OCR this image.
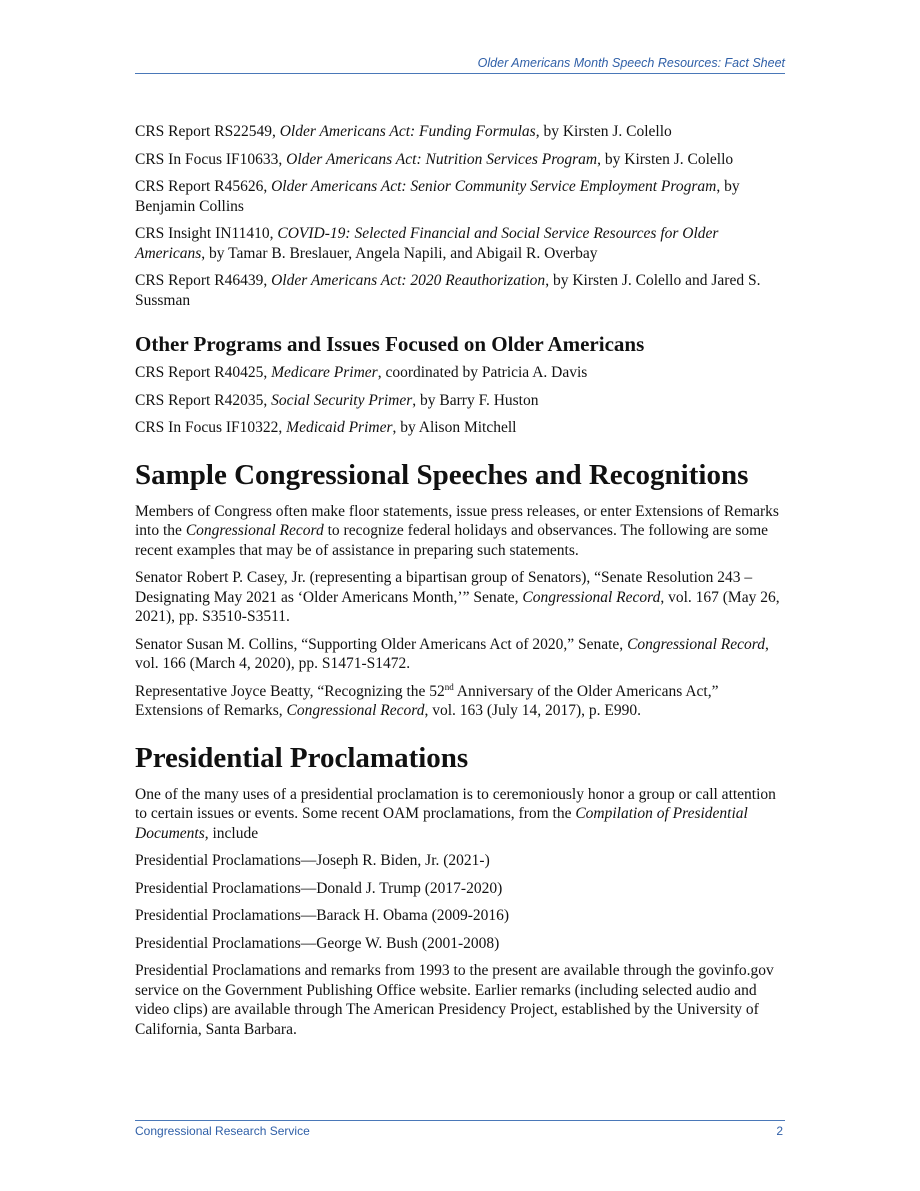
Older Americans Month Speech Resources: Fact Sheet

CRS Report RS22549, Older Americans Act: Funding Formulas, by Kirsten J. Colello

CRS In Focus IF10633, Older Americans Act: Nutrition Services Program, by Kirsten J. Colello

CRS Report R45626, Older Americans Act: Senior Community Service Employment Program, by Benjamin Collins

CRS Insight IN11410, COVID-19: Selected Financial and Social Service Resources for Older Americans, by Tamar B. Breslauer, Angela Napili, and Abigail R. Overbay

CRS Report R46439, Older Americans Act: 2020 Reauthorization, by Kirsten J. Colello and Jared S. Sussman

Other Programs and Issues Focused on Older Americans

CRS Report R40425, Medicare Primer, coordinated by Patricia A. Davis

CRS Report R42035, Social Security Primer, by Barry F. Huston

CRS In Focus IF10322, Medicaid Primer, by Alison Mitchell

Sample Congressional Speeches and Recognitions

Members of Congress often make floor statements, issue press releases, or enter Extensions of Remarks into the Congressional Record to recognize federal holidays and observances. The following are some recent examples that may be of assistance in preparing such statements.

Senator Robert P. Casey, Jr. (representing a bipartisan group of Senators), “Senate Resolution 243 – Designating May 2021 as ‘Older Americans Month,’” Senate, Congressional Record, vol. 167 (May 26, 2021), pp. S3510-S3511.

Senator Susan M. Collins, “Supporting Older Americans Act of 2020,” Senate, Congressional Record, vol. 166 (March 4, 2020), pp. S1471-S1472.

Representative Joyce Beatty, “Recognizing the 52nd Anniversary of the Older Americans Act,” Extensions of Remarks, Congressional Record, vol. 163 (July 14, 2017), p. E990.

Presidential Proclamations

One of the many uses of a presidential proclamation is to ceremoniously honor a group or call attention to certain issues or events. Some recent OAM proclamations, from the Compilation of Presidential Documents, include

Presidential Proclamations—Joseph R. Biden, Jr. (2021-)

Presidential Proclamations—Donald J. Trump (2017-2020)

Presidential Proclamations—Barack H. Obama (2009-2016)

Presidential Proclamations—George W. Bush (2001-2008)

Presidential Proclamations and remarks from 1993 to the present are available through the govinfo.gov service on the Government Publishing Office website. Earlier remarks (including selected audio and video clips) are available through The American Presidency Project, established by the University of California, Santa Barbara.

Congressional Research Service	2
